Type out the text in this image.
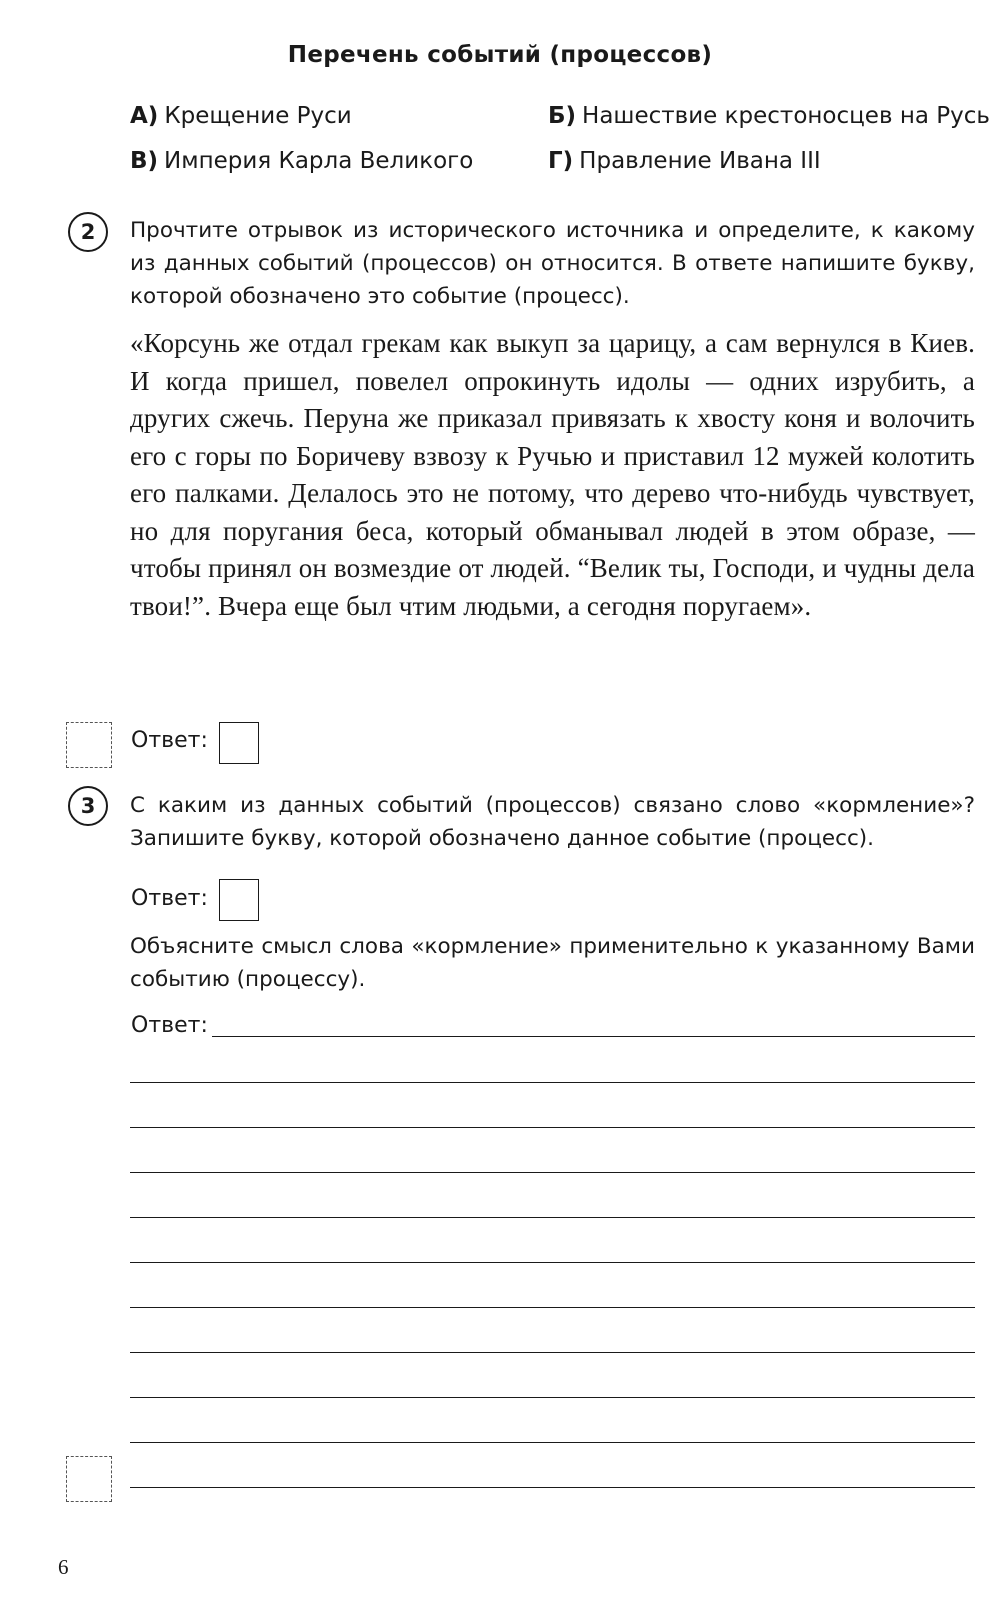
Перечень событий (процессов)
А) Крещение Руси	Б) Нашествие крестоносцев на Русь
В) Империя Карла Великого	Г) Правление Ивана III
2	Прочтите отрывок из исторического источника и определите, к какому из данных событий (процессов) он относится. В ответе напишите букву, которой обозначено это событие (процесс).
«Корсунь же отдал грекам как выкуп за царицу, а сам вернулся в Киев. И когда пришел, повелел опрокинуть идолы — одних изрубить, а других сжечь. Перуна же приказал привязать к хвосту коня и волочить его с горы по Боричеву взвозу к Ручью и приставил 12 мужей колотить его палками. Делалось это не потому, что дерево что-нибудь чувствует, но для поругания беса, который обманывал людей в этом образе, — чтобы принял он возмездие от людей. “Велик ты, Господи, и чудны дела твои!”. Вчера еще был чтим людьми, а сегодня поругаем».
Ответ:
3	С каким из данных событий (процессов) связано слово «кормление»? Запишите букву, которой обозначено данное событие (процесс).
Ответ:
Объясните смысл слова «кормление» применительно к указанному Вами событию (процессу).
Ответ:
6
